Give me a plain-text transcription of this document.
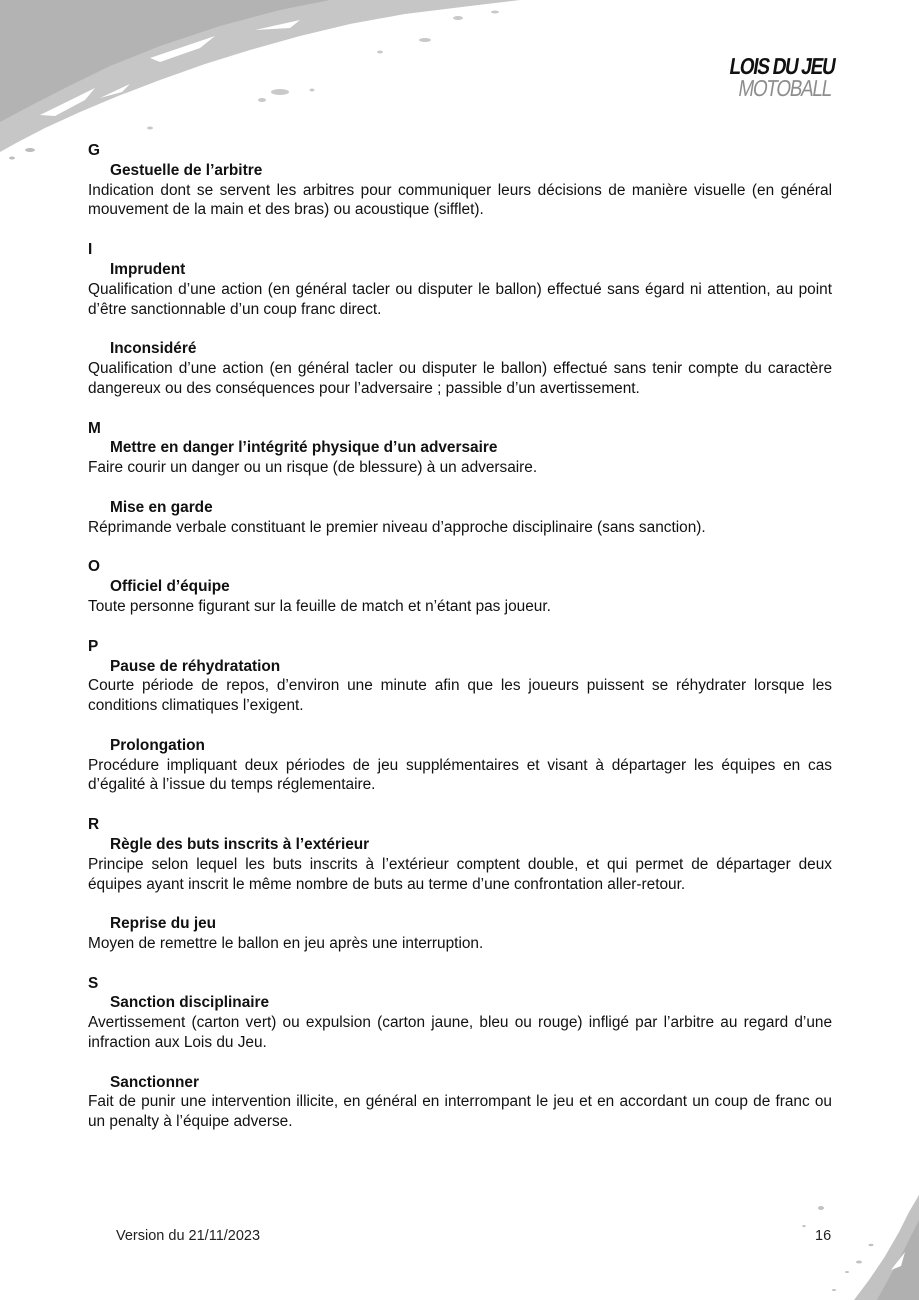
LOIS DU JEU
MOTOBALL

G

Gestuelle de l’arbitre

Indication dont se servent les arbitres pour communiquer leurs décisions de manière visuelle (en général mouvement de la main et des bras) ou acoustique (sifflet).

I

Imprudent

Qualification d’une action (en général tacler ou disputer le ballon) effectué sans égard ni attention, au point d’être sanctionnable d’un coup franc direct.

Inconsidéré

Qualification d’une action (en général tacler ou disputer le ballon) effectué sans tenir compte du caractère dangereux ou des conséquences pour l’adversaire ; passible d’un avertissement.

M

Mettre en danger l’intégrité physique d’un adversaire

Faire courir un danger ou un risque (de blessure) à un adversaire.

Mise en garde

Réprimande verbale constituant le premier niveau d’approche disciplinaire (sans sanction).

O

Officiel d’équipe

Toute personne figurant sur la feuille de match et n’étant pas joueur.

P

Pause de réhydratation

Courte période de repos, d’environ une minute afin que les joueurs puissent se réhydrater lorsque les conditions climatiques l’exigent.

Prolongation

Procédure impliquant deux périodes de jeu supplémentaires et visant à départager les équipes en cas d’égalité à l’issue du temps réglementaire.

R

Règle des buts inscrits à l’extérieur

Principe selon lequel les buts inscrits à l’extérieur comptent double, et qui permet de départager deux équipes ayant inscrit le même nombre de buts au terme d’une confrontation aller-retour.

Reprise du jeu

Moyen de remettre le ballon en jeu après une interruption.

S

Sanction disciplinaire

Avertissement (carton vert) ou expulsion (carton jaune, bleu ou rouge) infligé par l’arbitre au regard d’une infraction aux Lois du Jeu.

Sanctionner

Fait de punir une intervention illicite, en général en interrompant le jeu et en accordant un coup de franc ou un penalty à l’équipe adverse.

Version du 21/11/2023	16
